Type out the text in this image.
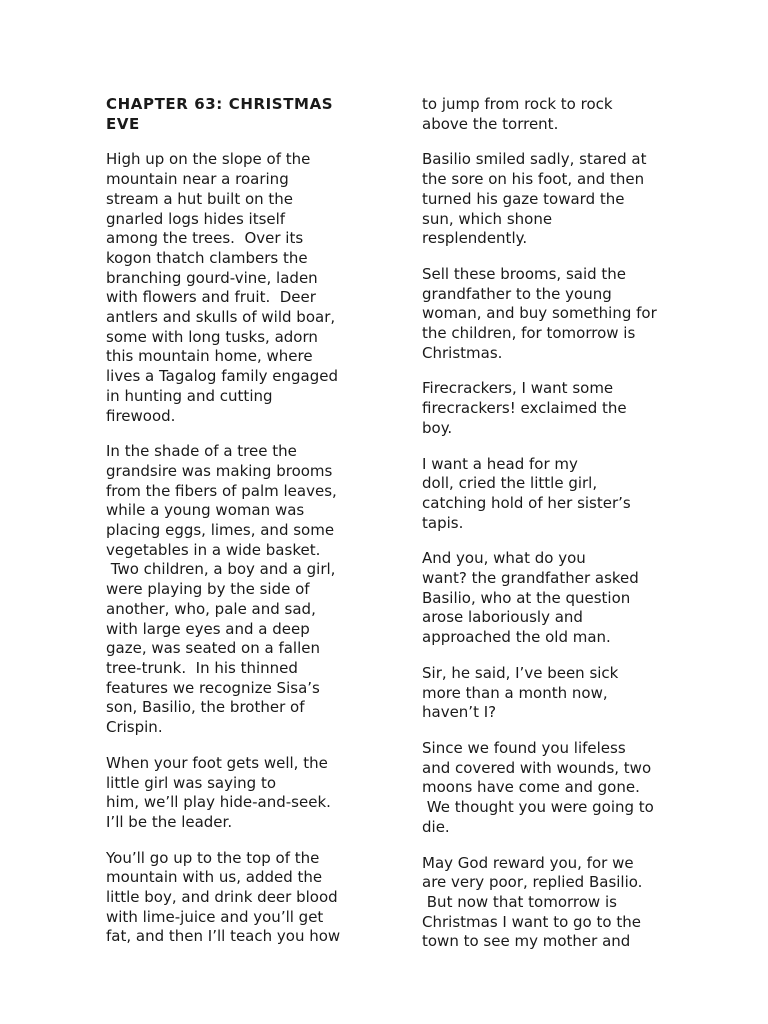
CHAPTER 63: CHRISTMAS
EVE
High up on the slope of the
mountain near a roaring
stream a hut built on the
gnarled logs hides itself
among the trees.  Over its
kogon thatch clambers the
branching gourd-vine, laden
with flowers and fruit.  Deer
antlers and skulls of wild boar,
some with long tusks, adorn
this mountain home, where
lives a Tagalog family engaged
in hunting and cutting
firewood.
In the shade of a tree the
grandsire was making brooms
from the fibers of palm leaves,
while a young woman was
placing eggs, limes, and some
vegetables in a wide basket.
Two children, a boy and a girl,
were playing by the side of
another, who, pale and sad,
with large eyes and a deep
gaze, was seated on a fallen
tree-trunk.  In his thinned
features we recognize Sisa’s
son, Basilio, the brother of
Crispin.
When your foot gets well, the
little girl was saying to
him, we’ll play hide-and-seek.
I’ll be the leader.
You’ll go up to the top of the
mountain with us, added the
little boy, and drink deer blood
with lime-juice and you’ll get
fat, and then I’ll teach you how
to jump from rock to rock
above the torrent.
Basilio smiled sadly, stared at
the sore on his foot, and then
turned his gaze toward the
sun, which shone
resplendently.
Sell these brooms, said the
grandfather to the young
woman, and buy something for
the children, for tomorrow is
Christmas.
Firecrackers, I want some
firecrackers! exclaimed the
boy.
I want a head for my
doll, cried the little girl,
catching hold of her sister’s
tapis.
And you, what do you
want? the grandfather asked
Basilio, who at the question
arose laboriously and
approached the old man.
Sir, he said, I’ve been sick
more than a month now,
haven’t I?
Since we found you lifeless
and covered with wounds, two
moons have come and gone.
We thought you were going to
die.
May God reward you, for we
are very poor, replied Basilio.
But now that tomorrow is
Christmas I want to go to the
town to see my mother and
